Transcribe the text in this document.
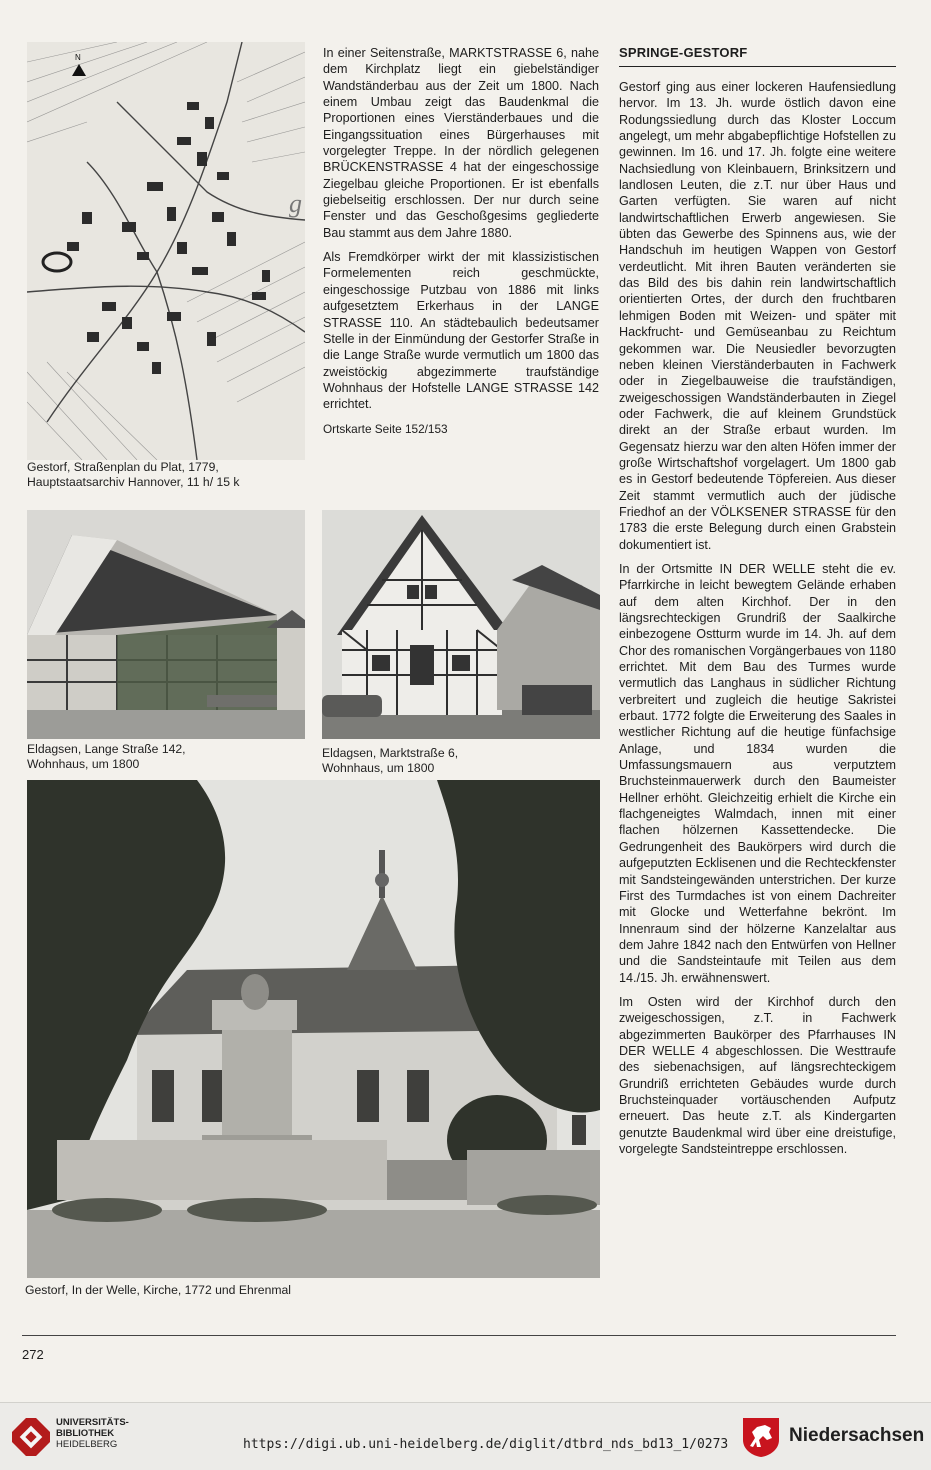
N
g
Gestorf, Straßenplan du Plat, 1779,
Hauptstaatsarchiv Hannover, 11 h/ 15 k

In einer Seitenstraße, MARKTSTRASSE 6, nahe dem Kirchplatz liegt ein giebelständiger Wandständerbau aus der Zeit um 1800. Nach einem Umbau zeigt das Baudenkmal die Proportionen eines Vierständerbaues und die Eingangssituation eines Bürgerhauses mit vorgelegter Treppe. In der nördlich gelegenen BRÜCKENSTRASSE 4 hat der eingeschossige Ziegelbau gleiche Proportionen. Er ist ebenfalls giebelseitig erschlossen. Der nur durch seine Fenster und das Geschoßgesims gegliederte Bau stammt aus dem Jahre 1880.

Als Fremdkörper wirkt der mit klassizistischen Formelementen reich geschmückte, eingeschossige Putzbau von 1886 mit links aufgesetztem Erkerhaus in der LANGE STRASSE 110. An städtebaulich bedeutsamer Stelle in der Einmündung der Gestorfer Straße in die Lange Straße wurde vermutlich um 1800 das zweistöckig abgezimmerte traufständige Wohnhaus der Hofstelle LANGE STRASSE 142 errichtet.

Ortskarte Seite 152/153
Eldagsen, Lange Straße 142,
Wohnhaus, um 1800
Eldagsen, Marktstraße 6,
Wohnhaus, um 1800
Gestorf, In der Welle, Kirche, 1772 und Ehrenmal
SPRINGE-GESTORF

Gestorf ging aus einer lockeren Haufensiedlung hervor. Im 13. Jh. wurde östlich davon eine Rodungssiedlung durch das Kloster Loccum angelegt, um mehr abgabepflichtige Hofstellen zu gewinnen. Im 16. und 17. Jh. folgte eine weitere Nachsiedlung von Kleinbauern, Brinksitzern und landlosen Leuten, die z.T. nur über Haus und Garten verfügten. Sie waren auf nicht landwirtschaftlichen Erwerb angewiesen. Sie übten das Gewerbe des Spinnens aus, wie der Handschuh im heutigen Wappen von Gestorf verdeutlicht. Mit ihren Bauten veränderten sie das Bild des bis dahin rein landwirtschaftlich orientierten Ortes, der durch den fruchtbaren lehmigen Boden mit Weizen- und später mit Hackfrucht- und Gemüseanbau zu Reichtum gekommen war. Die Neusiedler bevorzugten neben kleinen Vierständerbauten in Fachwerk oder in Ziegelbauweise die traufständigen, zweigeschossigen Wandständerbauten in Ziegel oder Fachwerk, die auf kleinem Grundstück direkt an der Straße erbaut wurden. Im Gegensatz hierzu war den alten Höfen immer der große Wirtschaftshof vorgelagert. Um 1800 gab es in Gestorf bedeutende Töpfereien. Aus dieser Zeit stammt vermutlich auch der jüdische Friedhof an der VÖLKSENER STRASSE für den 1783 die erste Belegung durch einen Grabstein dokumentiert ist.

In der Ortsmitte IN DER WELLE steht die ev. Pfarrkirche in leicht bewegtem Gelände erhaben auf dem alten Kirchhof. Der in den längsrechteckigen Grundriß der Saalkirche einbezogene Ostturm wurde im 14. Jh. auf dem Chor des romanischen Vorgängerbaues von 1180 errichtet. Mit dem Bau des Turmes wurde vermutlich das Langhaus in südlicher Richtung verbreitert und zugleich die heutige Sakristei erbaut. 1772 folgte die Erweiterung des Saales in westlicher Richtung auf die heutige fünfachsige Anlage, und 1834 wurden die Umfassungsmauern aus verputztem Bruchsteinmauerwerk durch den Baumeister Hellner erhöht. Gleichzeitig erhielt die Kirche ein flachgeneigtes Walmdach, innen mit einer flachen hölzernen Kassettendecke. Die Gedrungenheit des Baukörpers wird durch die aufgeputzten Ecklisenen und die Rechteckfenster mit Sandsteingewänden unterstrichen. Der kurze First des Turmdaches ist von einem Dachreiter mit Glocke und Wetterfahne bekrönt. Im Innenraum sind der hölzerne Kanzelaltar aus dem Jahre 1842 nach den Entwürfen von Hellner und die Sandsteintaufe mit Teilen aus dem 14./15. Jh. erwähnenswert.

Im Osten wird der Kirchhof durch den zweigeschossigen, z.T. in Fachwerk abgezimmerten Baukörper des Pfarrhauses IN DER WELLE 4 abgeschlossen. Die Westtraufe des siebenachsigen, auf längsrechteckigem Grundriß errichteten Gebäudes wurde durch Bruchsteinquader vortäuschenden Aufputz erneuert. Das heute z.T. als Kindergarten genutzte Baudenkmal wird über eine dreistufige, vorgelegte Sandsteintreppe erschlossen.

272
UNIVERSITÄTS-
BIBLIOTHEK
HEIDELBERG	https://digi.ub.uni-heidelberg.de/diglit/dtbrd_nds_bd13_1/0273	Niedersachsen
